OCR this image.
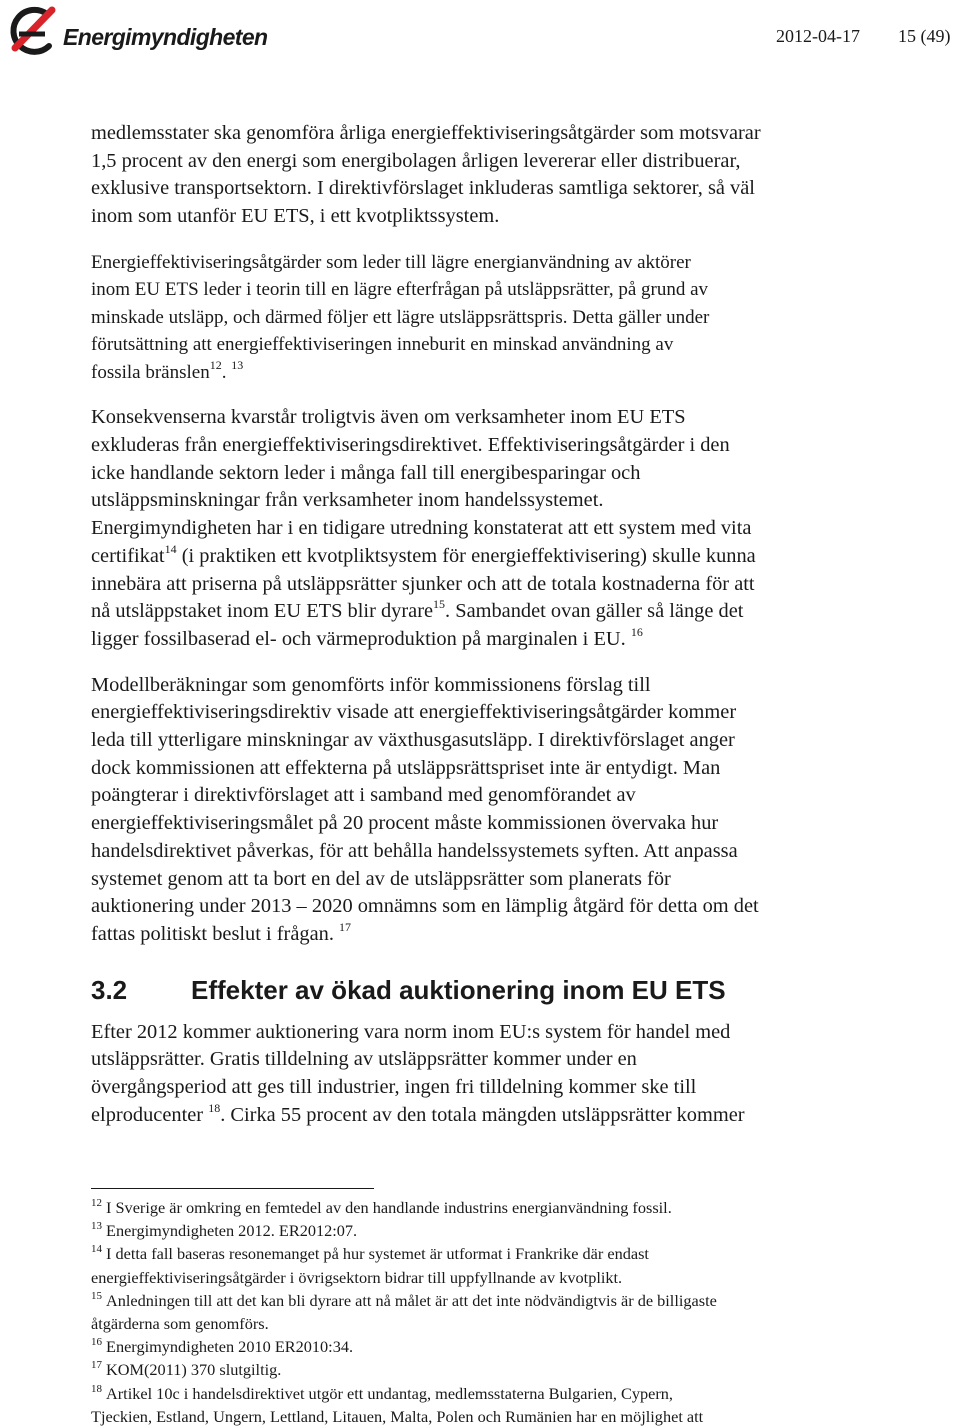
Energimyndigheten	2012-04-17 15 (49)

medlemsstater ska genomföra årliga energieffektiviseringsåtgärder som motsvarar
1,5 procent av den energi som energibolagen årligen levererar eller distribuerar,
exklusive transportsektorn. I direktivförslaget inkluderas samtliga sektorer, så väl
inom som utanför EU ETS, i ett kvotpliktssystem.

Energieffektiviseringsåtgärder som leder till lägre energianvändning av aktörer
inom EU ETS leder i teorin till en lägre efterfrågan på utsläppsrätter, på grund av
minskade utsläpp, och därmed följer ett lägre utsläppsrättspris. Detta gäller under
förutsättning att energieffektiviseringen inneburit en minskad användning av
fossila bränslen$^{12}$. $^{13}$

Konsekvenserna kvarstår troligtvis även om verksamheter inom EU ETS
exkluderas från energieffektiviseringsdirektivet. Effektiviseringsåtgärder i den
icke handlande sektorn leder i många fall till energibesparingar och
utsläppsminskningar från verksamheter inom handelssystemet.

Energimyndigheten har i en tidigare utredning konstaterat att ett system med vita
certifikat$^{14}$ (i praktiken ett kvotpliktsystem för energieffektivisering) skulle kunna
innebära att priserna på utsläppsrätter sjunker och att de totala kostnaderna för att
nå utsläppstaket inom EU ETS blir dyrare$^{15}$. Sambandet ovan gäller så länge det
ligger fossilbaserad el- och värmeproduktion på marginalen i EU. $^{16}$

Modellberäkningar som genomförts inför kommissionens förslag till
energieffektiviseringsdirektiv visade att energieffektiviseringsåtgärder kommer
leda till ytterligare minskningar av växthusgasutsläpp. I direktivförslaget anger
dock kommissionen att effekterna på utsläppsrättspriset inte är entydigt. Man
poängterar i direktivförslaget att i samband med genomförandet av
energieffektiviseringsmålet på 20 procent måste kommissionen övervaka hur
handelsdirektivet påverkas, för att behålla handelssystemets syften. Att anpassa
systemet genom att ta bort en del av de utsläppsrätter som planerats för
auktionering under 2013 – 2020 omnämns som en lämplig åtgärd för detta om det
fattas politiskt beslut i frågan. $^{17}$

3.2 Effekter av ökad auktionering inom EU ETS

Efter 2012 kommer auktionering vara norm inom EU:s system för handel med
utsläppsrätter. Gratis tilldelning av utsläppsrätter kommer under en
övergångsperiod att ges till industrier, ingen fri tilldelning kommer ske till
elproducenter $^{18}$. Cirka 55 procent av den totala mängden utsläppsrätter kommer

$^{12}$ I Sverige är omkring en femtedel av den handlande industrins energianvändning fossil.
$^{13}$ Energimyndigheten 2012. ER2012:07.
$^{14}$ I detta fall baseras resonemanget på hur systemet är utformat i Frankrike där endast
energieffektiviseringsåtgärder i övrigsektorn bidrar till uppfyllnande av kvotplikt.
$^{15}$ Anledningen till att det kan bli dyrare att nå målet är att det inte nödvändigtvis är de billigaste
åtgärderna som genomförs.
$^{16}$ Energimyndigheten 2010 ER2010:34.
$^{17}$ KOM(2011) 370 slutgiltig.
$^{18}$ Artikel 10c i handelsdirektivet utgör ett undantag, medlemsstaterna Bulgarien, Cypern,
Tjeckien, Estland, Ungern, Lettland, Litauen, Malta, Polen och Rumänien har en möjlighet att
